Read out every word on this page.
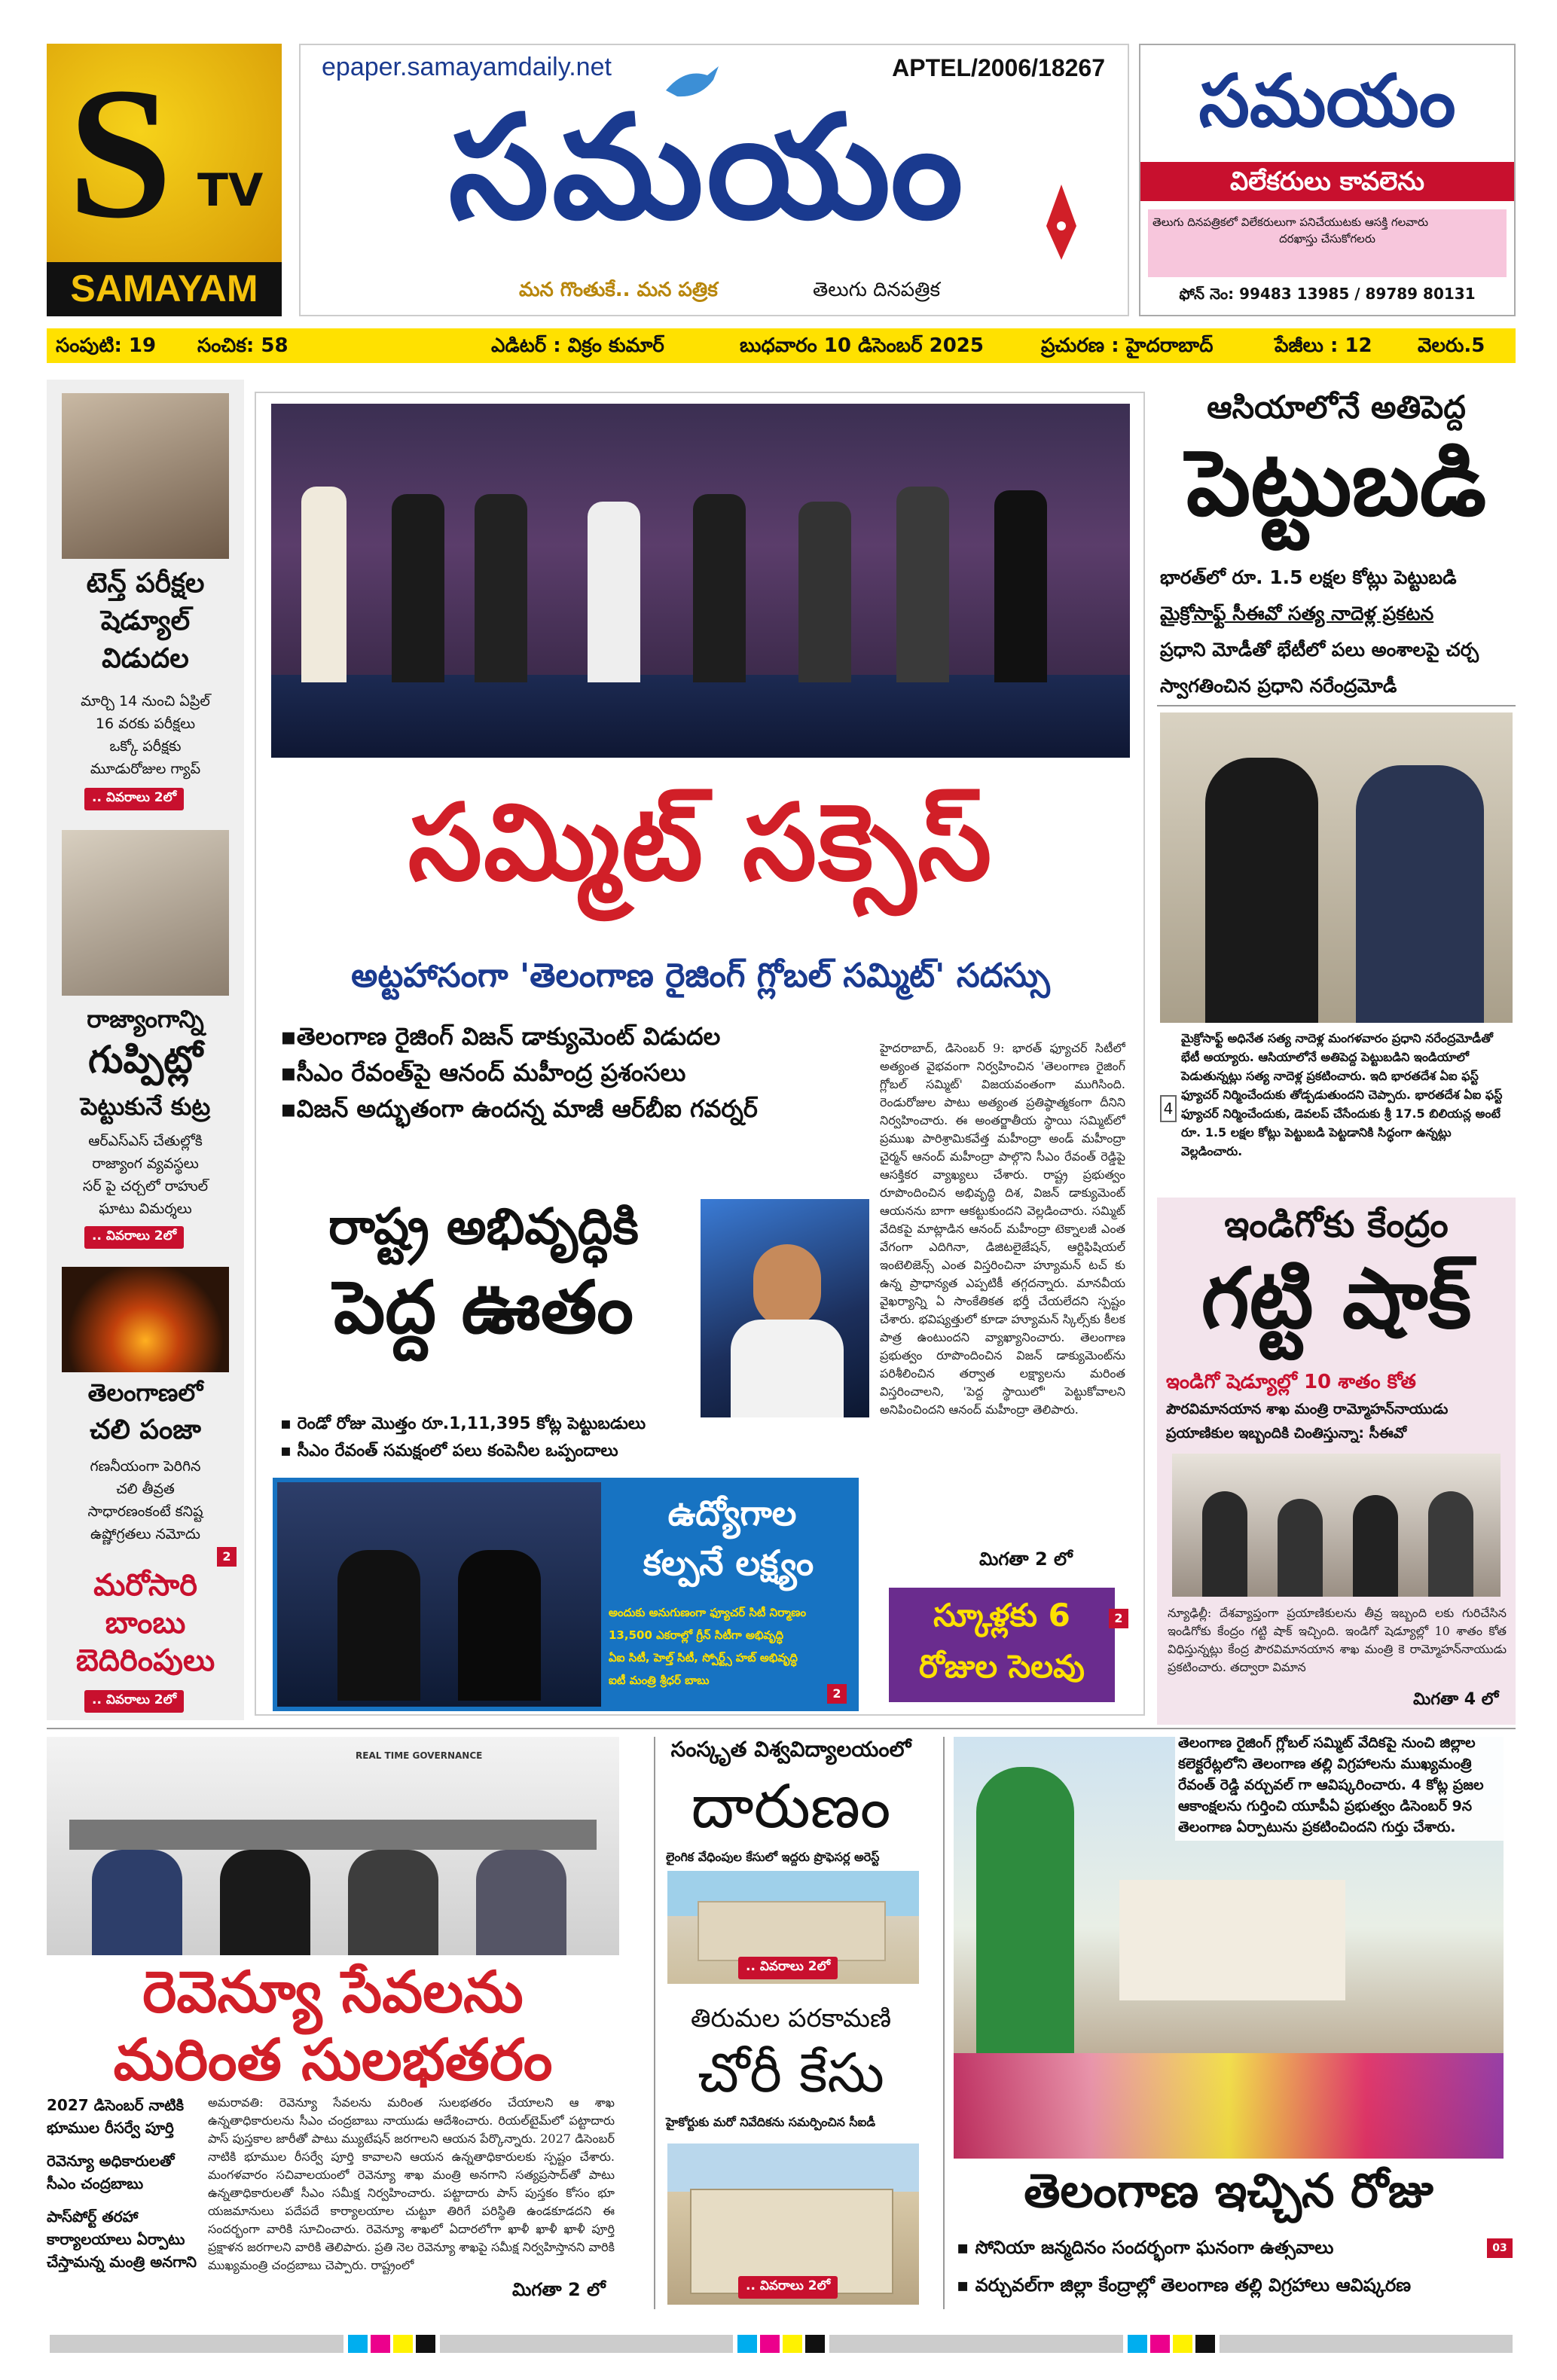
S TV
SAMAYAM
epaper.samayamdaily.net	APTEL/2006/18267
సమయం
మన గొంతుకే.. మన పత్రిక	తెలుగు దినపత్రిక
సమయం
విలేకరులు కావలెను
తెలుగు దినపత్రికలో విలేకరులుగా పనిచేయుటకు ఆసక్తి గలవారు
దరఖాస్తు చేసుకోగలరు
ఫోన్ నెం: 99483 13985 / 89789 80131
సంపుటి: 19 సంచిక: 58	ఎడిటర్ : విక్రం కుమార్	బుధవారం 10 డిసెంబర్ 2025	ప్రచురణ : హైదరాబాద్	పేజీలు : 12 వెలరు.5
టెన్త్ పరీక్షల
షెడ్యూల్
విడుదల
మార్చి 14 నుంచి ఏప్రిల్
16 వరకు పరీక్షలు
ఒక్కో పరీక్షకు
మూడురోజుల గ్యాప్
.. వివరాలు 2లో
రాజ్యాంగాన్ని
గుప్పిట్లో
పెట్టుకునే కుట్ర
ఆర్ఎస్ఎస్ చేతుల్లోకి
రాజ్యాంగ వ్యవస్థలు
సర్ పై చర్చలో రాహుల్
ఘాటు విమర్శలు
.. వివరాలు 2లో
తెలంగాణలో
చలి పంజా
గణనీయంగా పెరిగిన
చలి తీవ్రత
సాధారణంకంటే కనిష్ట
ఉష్ణోగ్రతలు నమోదు
మరోసారి
బాంబు
బెదిరింపులు
.. వివరాలు 2లో
2
సమ్మిట్ సక్సెస్
అట్టహాసంగా 'తెలంగాణ రైజింగ్ గ్లోబల్ సమ్మిట్' సదస్సు
▪తెలంగాణ రైజింగ్ విజన్ డాక్యుమెంట్ విడుదల
▪సీఎం రేవంత్‌పై ఆనంద్ మహీంద్ర ప్రశంసలు
▪విజన్ అద్భుతంగా ఉందన్న మాజీ ఆర్‌బీఐ గవర్నర్
హైదరాబాద్, డిసెంబర్ 9: భారత్ ఫ్యూచర్ సిటీలో అత్యంత వైభవంగా నిర్వహించిన 'తెలంగాణ రైజింగ్ గ్లోబల్ సమ్మిట్' విజయవంతంగా ముగిసింది. రెండురోజుల పాటు అత్యంత ప్రతిష్ఠాత్మకంగా దీనిని నిర్వహించారు. ఈ అంతర్జాతీయ స్థాయి సమ్మిట్‌లో ప్రముఖ పారిశ్రామికవేత్త మహీంద్రా అండ్ మహీంద్రా చైర్మన్ ఆనంద్ మహీంద్రా పాల్గొని సీఎం రేవంత్ రెడ్డిపై ఆసక్తికర వ్యాఖ్యలు చేశారు. రాష్ట్ర ప్రభుత్వం రూపొందించిన అభివృద్ధి దిశ, విజన్ డాక్యుమెంట్ ఆయనను బాగా ఆకట్టుకుందని వెల్లడించారు. సమ్మిట్ వేదికపై మాట్లాడిన ఆనంద్ మహీంద్రా టెక్నాలజీ ఎంత వేగంగా ఎదిగినా, డిజిటలైజేషన్, ఆర్టిఫిషియల్ ఇంటెలిజెన్స్ ఎంత విస్తరించినా హ్యూమన్ టచ్ కు ఉన్న ప్రాధాన్యత ఎప్పటికీ తగ్గదన్నారు. మానవీయ వైఖర్యాన్ని ఏ సాంకేతికత భర్తీ చేయలేదని స్పష్టం చేశారు. భవిష్యత్తులో కూడా హ్యూమన్ స్కిల్స్‌కు కీలక పాత్ర ఉంటుందని వ్యాఖ్యానించారు. తెలంగాణ ప్రభుత్వం రూపొందించిన విజన్ డాక్యుమెంట్‌ను పరిశీలించిన తర్వాత లక్ష్యాలను మరింత విస్తరించాలని, 'పెద్ద స్థాయిలో' పెట్టుకోవాలని అనిపించిందని ఆనంద్ మహీంద్రా తెలిపారు.
మిగతా 2 లో
రాష్ట్ర అభివృద్ధికి
పెద్ద ఊతం
▪ రెండో రోజు మొత్తం రూ.1,11,395 కోట్ల పెట్టుబడులు
▪ సీఎం రేవంత్ సమక్షంలో పలు కంపెనీల ఒప్పందాలు
ఉద్యోగాల
కల్పనే లక్ష్యం
అందుకు అనుగుణంగా ఫ్యూచర్ సిటీ నిర్మాణం
13,500 ఎకరాల్లో గ్రీన్ సిటీగా అభివృద్ధి
ఏఐ సిటీ, హెల్త్ సిటీ, స్పోర్ట్స్ హబ్ అభివృద్ధి
ఐటీ మంత్రి శ్రీధర్ బాబు
2
స్కూళ్లకు 6
రోజుల సెలవు
2
ఆసియాలోనే అతిపెద్ద
పెట్టుబడి
భారత్‌లో రూ. 1.5 లక్షల కోట్లు పెట్టుబడి
మైక్రోసాఫ్ట్ సీఈవో సత్య నాదెళ్ల ప్రకటన
ప్రధాని మోడీతో భేటీలో పలు అంశాలపై చర్చ
స్వాగతించిన ప్రధాని నరేంద్రమోడీ
మైక్రోసాఫ్ట్ అధినేత సత్య నాదెళ్ల మంగళవారం ప్రధాని నరేంద్రమోడీతో భేటీ అయ్యారు. ఆసియాలోనే అతిపెద్ద పెట్టుబడిని ఇండియాలో పెడుతున్నట్లు సత్య నాదెళ్ల ప్రకటించారు. ఇది భారతదేశ ఏఐ ఫస్ట్ ఫ్యూచర్ నిర్మించేందుకు తోడ్పడుతుందని చెప్పారు. భారతదేశ ఏఐ ఫస్ట్ ఫ్యూచర్ నిర్మించేందుకు, డెవలప్ చేసేందుకు శ్రీ 17.5 బిలియన్ల అంటే రూ. 1.5 లక్షల కోట్లు పెట్టుబడి పెట్టడానికి సిద్ధంగా ఉన్నట్లు వెల్లడించారు.
4
ఇండిగోకు కేంద్రం
గట్టి షాక్
ఇండిగో షెడ్యూల్లో 10 శాతం కోత
పౌరవిమానయాన శాఖ మంత్రి రామ్మోహన్‌నాయుడు
ప్రయాణికుల ఇబ్బందికి చింతిస్తున్నా: సీఈవో
న్యూఢిల్లీ: దేశవ్యాప్తంగా ప్రయాణికులను తీవ్ర ఇబ్బంది లకు గురిచేసిన ఇండిగోకు కేంద్రం గట్టి షాక్ ఇచ్చింది. ఇండిగో షెడ్యూల్లో 10 శాతం కోత విధిస్తున్నట్లు కేంద్ర పౌరవిమానయాన శాఖ మంత్రి కె రామ్మోహన్‌నాయుడు ప్రకటించారు. తద్వారా విమాన
మిగతా 4 లో
REAL TIME GOVERNANCE
రెవెన్యూ సేవలను
మరింత సులభతరం
2027 డిసెంబర్ నాటికి భూముల రీసర్వే పూర్తి
రెవెన్యూ అధికారులతో సీఎం చంద్రబాబు
పాస్‌పోర్ట్ తరహా కార్యాలయాలు ఏర్పాటు చేస్తామన్న మంత్రి అనగాని
అమరావతి: రెవెన్యూ సేవలను మరింత సులభతరం చేయాలని ఆ శాఖ ఉన్నతాధికారులను సీఎం చంద్రబాబు నాయుడు ఆదేశించారు. రియల్‌టైమ్‌లో పట్టాదారు పాస్ పుస్తకాల జారీతో పాటు మ్యుటేషన్ జరగాలని ఆయన పేర్కొన్నారు. 2027 డిసెంబర్ నాటికి భూముల రీసర్వే పూర్తి కావాలని ఆయన ఉన్నతాధికారులకు స్పష్టం చేశారు. మంగళవారం సచివాలయంలో రెవెన్యూ శాఖ మంత్రి అనగాని సత్యప్రసాద్‌తో పాటు ఉన్నతాధికారులతో సీఎం సమీక్ష నిర్వహించారు. పట్టాదారు పాస్ పుస్తకం కోసం భూ యజమానులు పదేపదే కార్యాలయాల చుట్టూ తిరిగే పరిస్థితి ఉండకూడదని ఈ సందర్భంగా వారికి సూచించారు. రెవెన్యూ శాఖలో ఏదారలోగా ఖాళీ ఖాళీ ఖాళీ పూర్తి ప్రక్షాళన జరగాలని వారికి తెలిపారు. ప్రతి నెల రెవెన్యూ శాఖపై సమీక్ష నిర్వహిస్తానని వారికి ముఖ్యమంత్రి చంద్రబాబు చెప్పారు. రాష్ట్రంలో
మిగతా 2 లో
సంస్కృత విశ్వవిద్యాలయంలో
దారుణం
లైంగిక వేధింపుల కేసులో ఇద్దరు ప్రొఫెసర్ల అరెస్ట్
.. వివరాలు 2లో
తిరుమల పరకామణి
చోరీ కేసు
హైకోర్టుకు మరో నివేదికను సమర్పించిన సీఐడీ
.. వివరాలు 2లో
తెలంగాణ రైజింగ్ గ్లోబల్ సమ్మిట్ వేదికపై నుంచి జిల్లాల కలెక్టరేట్లలోని తెలంగాణ తల్లి విగ్రహాలను ముఖ్యమంత్రి రేవంత్ రెడ్డి వర్చువల్ గా ఆవిష్కరించారు. 4 కోట్ల ప్రజల ఆకాంక్షలను గుర్తించి యూపీఏ ప్రభుత్వం డిసెంబర్ 9న తెలంగాణ ఏర్పాటును ప్రకటించిందని గుర్తు చేశారు.
తెలంగాణ ఇచ్చిన రోజు
03
▪ సోనియా జన్మదినం సందర్భంగా ఘనంగా ఉత్సవాలు
▪ వర్చువల్‌గా జిల్లా కేంద్రాల్లో తెలంగాణ తల్లి విగ్రహాలు ఆవిష్కరణ
